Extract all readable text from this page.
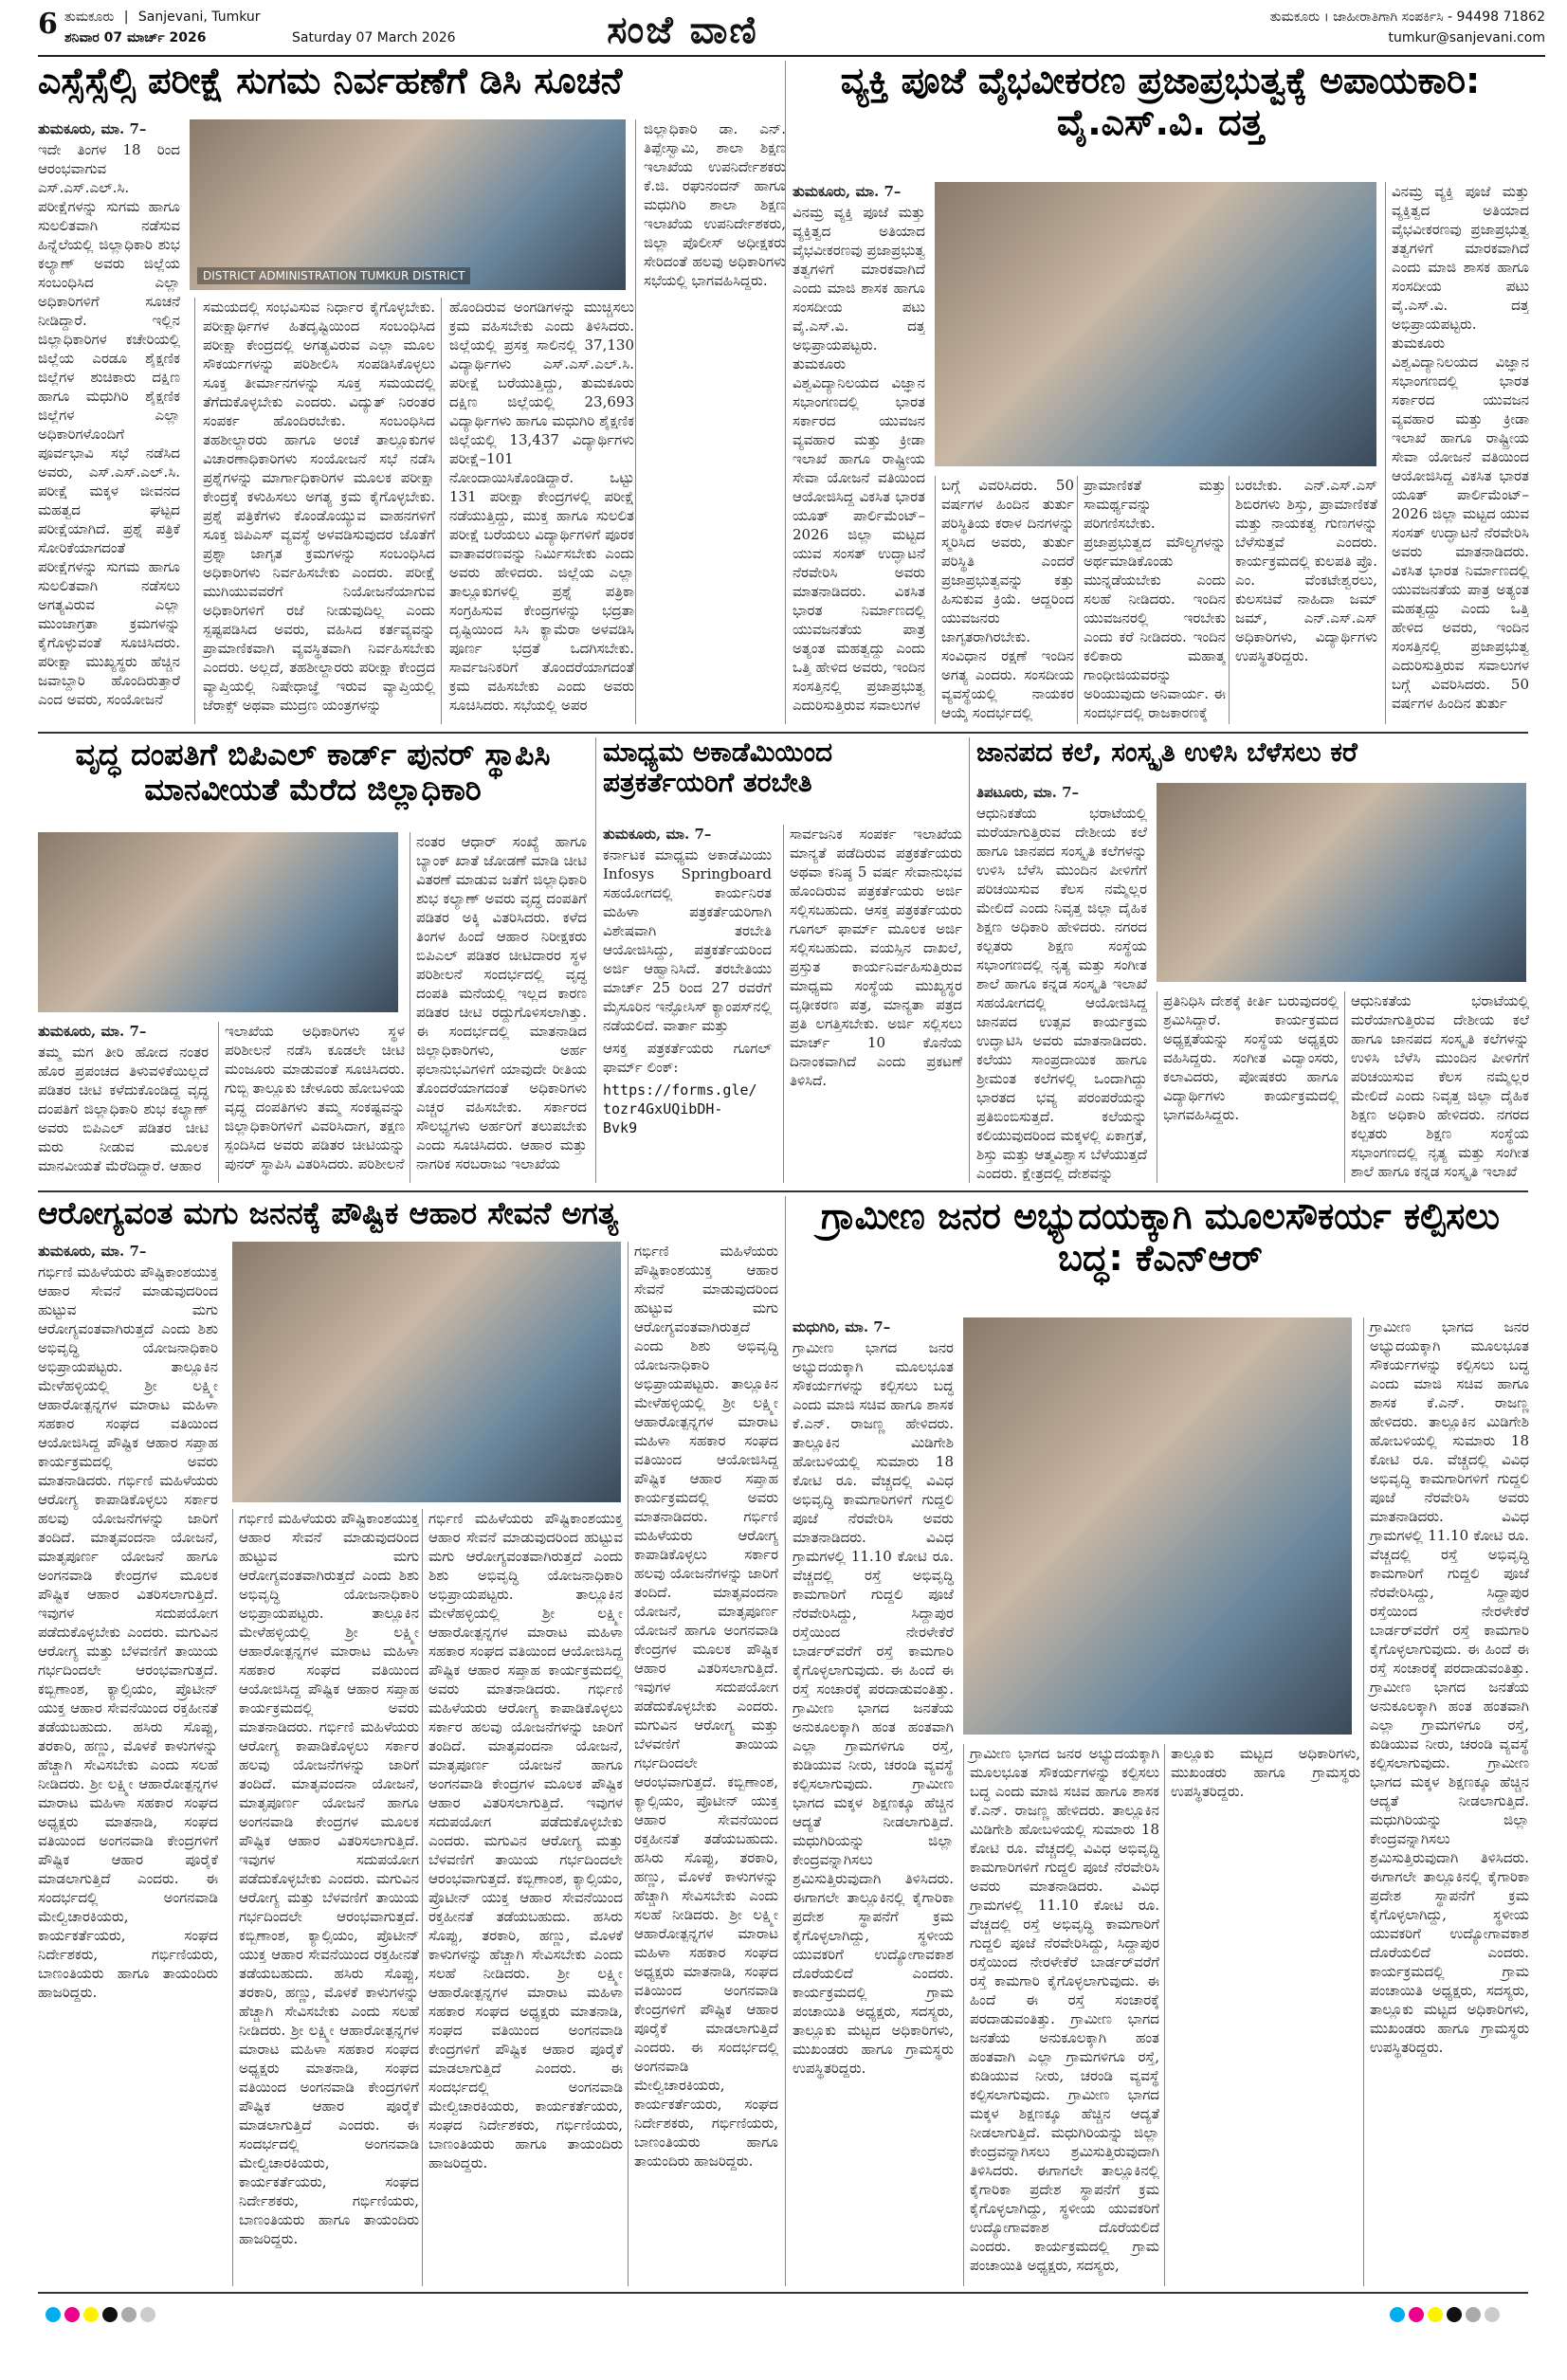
6 ತುಮಕೂರು | Sanjevani, Tumkur
ಶನಿವಾರ 07 ಮಾರ್ಚ್ 2026	Saturday 07 March 2026	ಸಂಜೆ ವಾಣಿ	ತುಮಕೂರು । ಜಾಹೀರಾತಿಗಾಗಿ ಸಂಪರ್ಕಿಸಿ - 94498 71862
tumkur@sanjevani.com
ಎಸ್ಸೆಸ್ಸೆಲ್ಸಿ ಪರೀಕ್ಷೆ ಸುಗಮ ನಿರ್ವಹಣೆಗೆ ಡಿಸಿ ಸೂಚನೆ
DISTRICT ADMINISTRATION TUMKUR DISTRICT
ತುಮಕೂರು, ಮಾ. 7–
ಇದೇ ತಿಂಗಳ 18 ರಿಂದ ಆರಂಭವಾಗುವ ಎಸ್.ಎಸ್.ಎಲ್.ಸಿ. ಪರೀಕ್ಷೆಗಳನ್ನು ಸುಗಮ ಹಾಗೂ ಸುಲಲಿತವಾಗಿ ನಡೆಸುವ ಹಿನ್ನೆಲೆಯಲ್ಲಿ ಜಿಲ್ಲಾಧಿಕಾರಿ ಶುಭ ಕಲ್ಯಾಣ್ ಅವರು ಜಿಲ್ಲೆಯ ಸಂಬಂಧಿಸಿದ ಎಲ್ಲಾ ಅಧಿಕಾರಿಗಳಿಗೆ ಸೂಚನೆ ನೀಡಿದ್ದಾರೆ. ಇಲ್ಲಿನ ಜಿಲ್ಲಾಧಿಕಾರಿಗಳ ಕಚೇರಿಯಲ್ಲಿ ಜಿಲ್ಲೆಯ ಎರಡೂ ಶೈಕ್ಷಣಿಕ ಜಿಲ್ಲೆಗಳ ಶುಚಿಕಾರು ದಕ್ಷಿಣ ಹಾಗೂ ಮಧುಗಿರಿ ಶೈಕ್ಷಣಿಕ ಜಿಲ್ಲೆಗಳ ಎಲ್ಲಾ ಅಧಿಕಾರಿಗಳೊಂದಿಗೆ ಪೂರ್ವಭಾವಿ ಸಭೆ ನಡೆಸಿದ ಅವರು, ಎಸ್.ಎಸ್.ಎಲ್.ಸಿ. ಪರೀಕ್ಷೆ ಮಕ್ಕಳ ಜೀವನದ ಮಹತ್ವದ ಘಟ್ಟದ ಪರೀಕ್ಷೆಯಾಗಿದೆ. ಪ್ರಶ್ನೆ ಪತ್ರಿಕೆ ಸೋರಿಕೆಯಾಗದಂತೆ ಪರೀಕ್ಷೆಗಳನ್ನು ಸುಗಮ ಹಾಗೂ ಸುಲಲಿತವಾಗಿ ನಡೆಸಲು ಅಗತ್ಯವಿರುವ ಎಲ್ಲಾ ಮುಂಜಾಗ್ರತಾ ಕ್ರಮಗಳನ್ನು ಕೈಗೊಳ್ಳುವಂತೆ ಸೂಚಿಸಿದರು. ಪರೀಕ್ಷಾ ಮುಖ್ಯಸ್ಥರು ಹೆಚ್ಚಿನ ಜವಾಬ್ದಾರಿ ಹೊಂದಿರುತ್ತಾರೆ ಎಂದ ಅವರು, ಸಂಯೋಜನೆ
ಸಮಯದಲ್ಲಿ ಸಂಭವಿಸುವ ನಿರ್ಧಾರ ಕೈಗೊಳ್ಳಬೇಕು. ಪರೀಕ್ಷಾರ್ಥಿಗಳ ಹಿತದೃಷ್ಟಿಯಿಂದ ಸಂಬಂಧಿಸಿದ ಪರೀಕ್ಷಾ ಕೇಂದ್ರದಲ್ಲಿ ಅಗತ್ಯವಿರುವ ಎಲ್ಲಾ ಮೂಲ ಸೌಕರ್ಯಗಳನ್ನು ಪರಿಶೀಲಿಸಿ ಸಂಪಡಿಸಿಕೊಳ್ಳಲು ಸೂಕ್ತ ತೀರ್ಮಾನಗಳನ್ನು ಸೂಕ್ತ ಸಮಯದಲ್ಲಿ ತೆಗೆದುಕೊಳ್ಳಬೇಕು ಎಂದರು. ವಿದ್ಯುತ್ ನಿರಂತರ ಸಂಪರ್ಕ ಹೊಂದಿರಬೇಕು. ಸಂಬಂಧಿಸಿದ ತಹಶೀಲ್ದಾರರು ಹಾಗೂ ಅಂಚೆ ತಾಲ್ಲೂಕುಗಳ ವಿಚಾರಣಾಧಿಕಾರಿಗಳು ಸಂಯೋಜನೆ ಸಭೆ ನಡೆಸಿ ಪ್ರಶ್ನೆಗಳನ್ನು ಮಾರ್ಗಾಧಿಕಾರಿಗಳ ಮೂಲಕ ಪರೀಕ್ಷಾ ಕೇಂದ್ರಕ್ಕೆ ಕಳುಹಿಸಲು ಅಗತ್ಯ ಕ್ರಮ ಕೈಗೊಳ್ಳಬೇಕು. ಪ್ರಶ್ನೆ ಪತ್ರಿಕೆಗಳು ಕೊಂಡೊಯ್ಯುವ ವಾಹನಗಳಿಗೆ ಸೂಕ್ತ ಜಿಪಿಎಸ್ ವ್ಯವಸ್ಥೆ ಅಳವಡಿಸುವುದರ ಜೊತೆಗೆ ಪ್ರಶ್ನಾ ಜಾಗೃತ ಕ್ರಮಗಳನ್ನು ಸಂಬಂಧಿಸಿದ ಅಧಿಕಾರಿಗಳು ನಿರ್ವಹಿಸಬೇಕು ಎಂದರು. ಪರೀಕ್ಷೆ ಮುಗಿಯುವವರೆಗೆ ನಿಯೋಜನೆಯಾಗುವ ಅಧಿಕಾರಿಗಳಿಗೆ ರಜೆ ನೀಡುವುದಿಲ್ಲ ಎಂದು ಸ್ಪಷ್ಟಪಡಿಸಿದ ಅವರು, ವಹಿಸಿದ ಕರ್ತವ್ಯವನ್ನು ಪ್ರಾಮಾಣಿಕವಾಗಿ ವ್ಯವಸ್ಥಿತವಾಗಿ ನಿರ್ವಹಿಸಬೇಕು ಎಂದರು. ಅಲ್ಲದೆ, ತಹಶೀಲ್ದಾರರು ಪರೀಕ್ಷಾ ಕೇಂದ್ರದ ವ್ಯಾಪ್ತಿಯಲ್ಲಿ ನಿಷೇಧಾಜ್ಞೆ ಇರುವ ವ್ಯಾಪ್ತಿಯಲ್ಲಿ ಜೆರಾಕ್ಸ್ ಅಥವಾ ಮುದ್ರಣ ಯಂತ್ರಗಳನ್ನು
ಹೊಂದಿರುವ ಅಂಗಡಿಗಳನ್ನು ಮುಚ್ಚಿಸಲು ಕ್ರಮ ವಹಿಸಬೇಕು ಎಂದು ತಿಳಿಸಿದರು. ಜಿಲ್ಲೆಯಲ್ಲಿ ಪ್ರಸಕ್ತ ಸಾಲಿನಲ್ಲಿ 37,130 ವಿದ್ಯಾರ್ಥಿಗಳು ಎಸ್.ಎಸ್.ಎಲ್.ಸಿ. ಪರೀಕ್ಷೆ ಬರೆಯುತ್ತಿದ್ದು, ತುಮಕೂರು ದಕ್ಷಿಣ ಜಿಲ್ಲೆಯಲ್ಲಿ 23,693 ವಿದ್ಯಾರ್ಥಿಗಳು ಹಾಗೂ ಮಧುಗಿರಿ ಶೈಕ್ಷಣಿಕ ಜಿಲ್ಲೆಯಲ್ಲಿ 13,437 ವಿದ್ಯಾರ್ಥಿಗಳು ಪರೀಕ್ಷೆ–101 ನೋಂದಾಯಿಸಿಕೊಂಡಿದ್ದಾರೆ. ಒಟ್ಟು 131 ಪರೀಕ್ಷಾ ಕೇಂದ್ರಗಳಲ್ಲಿ ಪರೀಕ್ಷೆ ನಡೆಯುತ್ತಿದ್ದು, ಮುಕ್ತ ಹಾಗೂ ಸುಲಲಿತ ಪರೀಕ್ಷೆ ಬರೆಯಲು ವಿದ್ಯಾರ್ಥಿಗಳಿಗೆ ಪೂರಕ ವಾತಾವರಣವನ್ನು ನಿರ್ಮಿಸಬೇಕು ಎಂದು ಅವರು ಹೇಳಿದರು. ಜಿಲ್ಲೆಯ ಎಲ್ಲಾ ತಾಲ್ಲೂಕುಗಳಲ್ಲಿ ಪ್ರಶ್ನೆ ಪತ್ರಿಕಾ ಸಂಗ್ರಹಿಸುವ ಕೇಂದ್ರಗಳನ್ನು ಭದ್ರತಾ ದೃಷ್ಟಿಯಿಂದ ಸಿಸಿ ಕ್ಯಾಮೆರಾ ಅಳವಡಿಸಿ ಪೂರ್ಣ ಭದ್ರತೆ ಒದಗಿಸಬೇಕು. ಸಾರ್ವಜನಿಕರಿಗೆ ತೊಂದರೆಯಾಗದಂತೆ ಕ್ರಮ ವಹಿಸಬೇಕು ಎಂದು ಅವರು ಸೂಚಿಸಿದರು. ಸಭೆಯಲ್ಲಿ ಅಪರ
ಜಿಲ್ಲಾಧಿಕಾರಿ ಡಾ. ಎನ್. ತಿಪ್ಪೇಸ್ವಾಮಿ, ಶಾಲಾ ಶಿಕ್ಷಣ ಇಲಾಖೆಯ ಉಪನಿರ್ದೇಶಕರು ಕೆ.ಜಿ. ರಘುನಂದನ್ ಹಾಗೂ ಮಧುಗಿರಿ ಶಾಲಾ ಶಿಕ್ಷಣ ಇಲಾಖೆಯ ಉಪನಿರ್ದೇಶಕರು, ಜಿಲ್ಲಾ ಪೊಲೀಸ್ ಅಧೀಕ್ಷಕರು ಸೇರಿದಂತೆ ಹಲವು ಅಧಿಕಾರಿಗಳು ಸಭೆಯಲ್ಲಿ ಭಾಗವಹಿಸಿದ್ದರು.
ವ್ಯಕ್ತಿ ಪೂಜೆ ವೈಭವೀಕರಣ ಪ್ರಜಾಪ್ರಭುತ್ವಕ್ಕೆ ಅಪಾಯಕಾರಿ: ವೈ.ಎಸ್.ವಿ. ದತ್ತ
ತುಮಕೂರು, ಮಾ. 7–
ವಿನಮ್ರ ವ್ಯಕ್ತಿ ಪೂಜೆ ಮತ್ತು ವ್ಯಕ್ತಿತ್ವದ ಅತಿಯಾದ ವೈಭವೀಕರಣವು ಪ್ರಜಾಪ್ರಭುತ್ವ ತತ್ವಗಳಿಗೆ ಮಾರಕವಾಗಿದೆ ಎಂದು ಮಾಜಿ ಶಾಸಕ ಹಾಗೂ ಸಂಸದೀಯ ಪಟು ವೈ.ಎಸ್.ವಿ. ದತ್ತ ಅಭಿಪ್ರಾಯಪಟ್ಟರು. ತುಮಕೂರು ವಿಶ್ವವಿದ್ಯಾನಿಲಯದ ವಿಜ್ಞಾನ ಸಭಾಂಗಣದಲ್ಲಿ ಭಾರತ ಸರ್ಕಾರದ ಯುವಜನ ವ್ಯವಹಾರ ಮತ್ತು ಕ್ರೀಡಾ ಇಲಾಖೆ ಹಾಗೂ ರಾಷ್ಟ್ರೀಯ ಸೇವಾ ಯೋಜನೆ ವತಿಯಿಂದ ಆಯೋಜಿಸಿದ್ದ ವಿಕಸಿತ ಭಾರತ ಯೂತ್ ಪಾರ್ಲಿಮೆಂಟ್–2026 ಜಿಲ್ಲಾ ಮಟ್ಟದ ಯುವ ಸಂಸತ್ ಉದ್ಘಾಟನೆ ನೆರವೇರಿಸಿ ಅವರು ಮಾತನಾಡಿದರು. ವಿಕಸಿತ ಭಾರತ ನಿರ್ಮಾಣದಲ್ಲಿ ಯುವಜನತೆಯ ಪಾತ್ರ ಅತ್ಯಂತ ಮಹತ್ವದ್ದು ಎಂದು ಒತ್ತಿ ಹೇಳಿದ ಅವರು, ಇಂದಿನ ಸಂಸತ್ತಿನಲ್ಲಿ ಪ್ರಜಾಪ್ರಭುತ್ವ ಎದುರಿಸುತ್ತಿರುವ ಸವಾಲುಗಳ
ಬಗ್ಗೆ ವಿವರಿಸಿದರು. 50 ವರ್ಷಗಳ ಹಿಂದಿನ ತುರ್ತು ಪರಿಸ್ಥಿತಿಯ ಕರಾಳ ದಿನಗಳನ್ನು ಸ್ಮರಿಸಿದ ಅವರು, ತುರ್ತು ಪರಿಸ್ಥಿತಿ ಎಂದರೆ ಪ್ರಜಾಪ್ರಭುತ್ವವನ್ನು ಕತ್ತು ಹಿಸುಕುವ ಕ್ರಿಯೆ. ಆದ್ದರಿಂದ ಯುವಜನರು ಜಾಗೃತರಾಗಿರಬೇಕು. ಸಂವಿಧಾನ ರಕ್ಷಣೆ ಇಂದಿನ ಅಗತ್ಯ ಎಂದರು. ಸಂಸದೀಯ ವ್ಯವಸ್ಥೆಯಲ್ಲಿ ನಾಯಕರ ಆಯ್ಕೆ ಸಂದರ್ಭದಲ್ಲಿ
ಪ್ರಾಮಾಣಿಕತೆ ಮತ್ತು ಸಾಮರ್ಥ್ಯವನ್ನು ಪರಿಗಣಿಸಬೇಕು. ಪ್ರಜಾಪ್ರಭುತ್ವದ ಮೌಲ್ಯಗಳನ್ನು ಅರ್ಥಮಾಡಿಕೊಂಡು ಮುನ್ನಡೆಯಬೇಕು ಎಂದು ಸಲಹೆ ನೀಡಿದರು. ಇಂದಿನ ಯುವಜನರಲ್ಲಿ ಇರಬೇಕು ಎಂದು ಕರೆ ನೀಡಿದರು. ಇಂದಿನ ಕಲಿಕಾರು ಮಹಾತ್ಮ ಗಾಂಧೀಜಿಯವರನ್ನು ಅರಿಯುವುದು ಅನಿವಾರ್ಯ. ಈ ಸಂದರ್ಭದಲ್ಲಿ ರಾಜಕಾರಣಕ್ಕೆ
ಬರಬೇಕು. ಎನ್.ಎಸ್.ಎಸ್ ಶಿಬಿರಗಳು ಶಿಸ್ತು, ಪ್ರಾಮಾಣಿಕತೆ ಮತ್ತು ನಾಯಕತ್ವ ಗುಣಗಳನ್ನು ಬೆಳೆಸುತ್ತವೆ ಎಂದರು. ಕಾರ್ಯಕ್ರಮದಲ್ಲಿ ಕುಲಪತಿ ಪ್ರೊ. ಎಂ. ವೆಂಕಟೇಶ್ವರಲು, ಕುಲಸಚಿವೆ ನಾಹಿದಾ ಜಮ್‌ ಜಮ್‌, ಎನ್.ಎಸ್.ಎಸ್ ಅಧಿಕಾರಿಗಳು, ವಿದ್ಯಾರ್ಥಿಗಳು ಉಪಸ್ಥಿತರಿದ್ದರು.
ವಿನಮ್ರ ವ್ಯಕ್ತಿ ಪೂಜೆ ಮತ್ತು ವ್ಯಕ್ತಿತ್ವದ ಅತಿಯಾದ ವೈಭವೀಕರಣವು ಪ್ರಜಾಪ್ರಭುತ್ವ ತತ್ವಗಳಿಗೆ ಮಾರಕವಾಗಿದೆ ಎಂದು ಮಾಜಿ ಶಾಸಕ ಹಾಗೂ ಸಂಸದೀಯ ಪಟು ವೈ.ಎಸ್.ವಿ. ದತ್ತ ಅಭಿಪ್ರಾಯಪಟ್ಟರು. ತುಮಕೂರು ವಿಶ್ವವಿದ್ಯಾನಿಲಯದ ವಿಜ್ಞಾನ ಸಭಾಂಗಣದಲ್ಲಿ ಭಾರತ ಸರ್ಕಾರದ ಯುವಜನ ವ್ಯವಹಾರ ಮತ್ತು ಕ್ರೀಡಾ ಇಲಾಖೆ ಹಾಗೂ ರಾಷ್ಟ್ರೀಯ ಸೇವಾ ಯೋಜನೆ ವತಿಯಿಂದ ಆಯೋಜಿಸಿದ್ದ ವಿಕಸಿತ ಭಾರತ ಯೂತ್ ಪಾರ್ಲಿಮೆಂಟ್–2026 ಜಿಲ್ಲಾ ಮಟ್ಟದ ಯುವ ಸಂಸತ್ ಉದ್ಘಾಟನೆ ನೆರವೇರಿಸಿ ಅವರು ಮಾತನಾಡಿದರು. ವಿಕಸಿತ ಭಾರತ ನಿರ್ಮಾಣದಲ್ಲಿ ಯುವಜನತೆಯ ಪಾತ್ರ ಅತ್ಯಂತ ಮಹತ್ವದ್ದು ಎಂದು ಒತ್ತಿ ಹೇಳಿದ ಅವರು, ಇಂದಿನ ಸಂಸತ್ತಿನಲ್ಲಿ ಪ್ರಜಾಪ್ರಭುತ್ವ ಎದುರಿಸುತ್ತಿರುವ ಸವಾಲುಗಳ ಬಗ್ಗೆ ವಿವರಿಸಿದರು. 50 ವರ್ಷಗಳ ಹಿಂದಿನ ತುರ್ತು
ವೃದ್ಧ ದಂಪತಿಗೆ ಬಿಪಿಎಲ್ ಕಾರ್ಡ್ ಪುನರ್ ಸ್ಥಾಪಿಸಿ ಮಾನವೀಯತೆ ಮೆರೆದ ಜಿಲ್ಲಾಧಿಕಾರಿ
ತುಮಕೂರು, ಮಾ. 7–
ತಮ್ಮ ಮಗ ತೀರಿ ಹೋದ ನಂತರ ಹೊರ ಪ್ರಪಂಚದ ತಿಳುವಳಿಕೆಯಿಲ್ಲದೆ ಪಡಿತರ ಚೀಟಿ ಕಳೆದುಕೊಂಡಿದ್ದ ವೃದ್ಧ ದಂಪತಿಗೆ ಜಿಲ್ಲಾಧಿಕಾರಿ ಶುಭ ಕಲ್ಯಾಣ್ ಅವರು ಬಿಪಿಎಲ್ ಪಡಿತರ ಚೀಟಿ ಮರು ನೀಡುವ ಮೂಲಕ ಮಾನವೀಯತೆ ಮೆರೆದಿದ್ದಾರೆ. ಆಹಾರ
ಇಲಾಖೆಯ ಅಧಿಕಾರಿಗಳು ಸ್ಥಳ ಪರಿಶೀಲನೆ ನಡೆಸಿ ಕೂಡಲೇ ಚೀಟಿ ಮಂಜೂರು ಮಾಡುವಂತೆ ಸೂಚಿಸಿದರು. ಗುಬ್ಬಿ ತಾಲ್ಲೂಕು ಚೇಳೂರು ಹೋಬಳಿಯ ವೃದ್ಧ ದಂಪತಿಗಳು ತಮ್ಮ ಸಂಕಷ್ಟವನ್ನು ಜಿಲ್ಲಾಧಿಕಾರಿಗಳಿಗೆ ವಿವರಿಸಿದಾಗ, ತಕ್ಷಣ ಸ್ಪಂದಿಸಿದ ಅವರು ಪಡಿತರ ಚೀಟಿಯನ್ನು ಪುನರ್ ಸ್ಥಾಪಿಸಿ ವಿತರಿಸಿದರು. ಪರಿಶೀಲನೆ
ನಂತರ ಆಧಾರ್ ಸಂಖ್ಯೆ ಹಾಗೂ ಬ್ಯಾಂಕ್ ಖಾತೆ ಜೋಡಣೆ ಮಾಡಿ ಚೀಟಿ ವಿತರಣೆ ಮಾಡುವ ಜತೆಗೆ ಜಿಲ್ಲಾಧಿಕಾರಿ ಶುಭ ಕಲ್ಯಾಣ್ ಅವರು ವೃದ್ಧ ದಂಪತಿಗೆ ಪಡಿತರ ಅಕ್ಕಿ ವಿತರಿಸಿದರು. ಕಳೆದ ತಿಂಗಳ ಹಿಂದೆ ಆಹಾರ ನಿರೀಕ್ಷಕರು ಬಿಪಿಎಲ್ ಪಡಿತರ ಚೀಟಿದಾರರ ಸ್ಥಳ ಪರಿಶೀಲನೆ ಸಂದರ್ಭದಲ್ಲಿ ವೃದ್ಧ ದಂಪತಿ ಮನೆಯಲ್ಲಿ ಇಲ್ಲದ ಕಾರಣ ಪಡಿತರ ಚೀಟಿ ರದ್ದುಗೊಳಿಸಲಾಗಿತ್ತು. ಈ ಸಂದರ್ಭದಲ್ಲಿ ಮಾತನಾಡಿದ ಜಿಲ್ಲಾಧಿಕಾರಿಗಳು, ಅರ್ಹ ಫಲಾನುಭವಿಗಳಿಗೆ ಯಾವುದೇ ರೀತಿಯ ತೊಂದರೆಯಾಗದಂತೆ ಅಧಿಕಾರಿಗಳು ಎಚ್ಚರ ವಹಿಸಬೇಕು. ಸರ್ಕಾರದ ಸೌಲಭ್ಯಗಳು ಅರ್ಹರಿಗೆ ತಲುಪಬೇಕು ಎಂದು ಸೂಚಿಸಿದರು. ಆಹಾರ ಮತ್ತು ನಾಗರಿಕ ಸರಬರಾಜು ಇಲಾಖೆಯ
ಮಾಧ್ಯಮ ಅಕಾಡೆಮಿಯಿಂದ ಪತ್ರಕರ್ತೆಯರಿಗೆ ತರಬೇತಿ
ತುಮಕೂರು, ಮಾ. 7–
ಕರ್ನಾಟಕ ಮಾಧ್ಯಮ ಅಕಾಡೆಮಿಯು Infosys Springboard ಸಹಯೋಗದಲ್ಲಿ ಕಾರ್ಯನಿರತ ಮಹಿಳಾ ಪತ್ರಕರ್ತೆಯರಿಗಾಗಿ ವಿಶೇಷವಾಗಿ ತರಬೇತಿ ಆಯೋಜಿಸಿದ್ದು, ಪತ್ರಕರ್ತೆಯರಿಂದ ಅರ್ಜಿ ಆಹ್ವಾನಿಸಿದೆ. ತರಬೇತಿಯು ಮಾರ್ಚ್ 25 ರಿಂದ 27 ರವರೆಗೆ ಮೈಸೂರಿನ ಇನ್ಫೋಸಿಸ್ ಕ್ಯಾಂಪಸ್‌ನಲ್ಲಿ ನಡೆಯಲಿದೆ. ವಾರ್ತಾ ಮತ್ತು
ಆಸಕ್ತ ಪತ್ರಕರ್ತೆಯರು ಗೂಗಲ್ ಫಾರ್ಮ್ ಲಿಂಕ್:
https://forms.gle/
tozr4GxUQibDH-
Bvk9
ಸಾರ್ವಜನಿಕ ಸಂಪರ್ಕ ಇಲಾಖೆಯ ಮಾನ್ಯತೆ ಪಡೆದಿರುವ ಪತ್ರಕರ್ತೆಯರು ಅಥವಾ ಕನಿಷ್ಠ 5 ವರ್ಷ ಸೇವಾನುಭವ ಹೊಂದಿರುವ ಪತ್ರಕರ್ತೆಯರು ಅರ್ಜಿ ಸಲ್ಲಿಸಬಹುದು. ಆಸಕ್ತ ಪತ್ರಕರ್ತೆಯರು ಗೂಗಲ್ ಫಾರ್ಮ್ ಮೂಲಕ ಅರ್ಜಿ ಸಲ್ಲಿಸಬಹುದು. ವಯಸ್ಸಿನ ದಾಖಲೆ, ಪ್ರಸ್ತುತ ಕಾರ್ಯನಿರ್ವಹಿಸುತ್ತಿರುವ ಮಾಧ್ಯಮ ಸಂಸ್ಥೆಯ ಮುಖ್ಯಸ್ಥರ ದೃಢೀಕರಣ ಪತ್ರ, ಮಾನ್ಯತಾ ಪತ್ರದ ಪ್ರತಿ ಲಗತ್ತಿಸಬೇಕು. ಅರ್ಜಿ ಸಲ್ಲಿಸಲು ಮಾರ್ಚ್ 10 ಕೊನೆಯ ದಿನಾಂಕವಾಗಿದೆ ಎಂದು ಪ್ರಕಟಣೆ ತಿಳಿಸಿದೆ.
ಜಾನಪದ ಕಲೆ, ಸಂಸ್ಕೃತಿ ಉಳಿಸಿ ಬೆಳೆಸಲು ಕರೆ
ತಿಪಟೂರು, ಮಾ. 7–
ಆಧುನಿಕತೆಯ ಭರಾಟೆಯಲ್ಲಿ ಮರೆಯಾಗುತ್ತಿರುವ ದೇಶೀಯ ಕಲೆ ಹಾಗೂ ಜಾನಪದ ಸಂಸ್ಕೃತಿ ಕಲೆಗಳನ್ನು ಉಳಿಸಿ ಬೆಳೆಸಿ ಮುಂದಿನ ಪೀಳಿಗೆಗೆ ಪರಿಚಯಿಸುವ ಕೆಲಸ ನಮ್ಮೆಲ್ಲರ ಮೇಲಿದೆ ಎಂದು ನಿವೃತ್ತ ಜಿಲ್ಲಾ ದೈಹಿಕ ಶಿಕ್ಷಣ ಅಧಿಕಾರಿ ಹೇಳಿದರು. ನಗರದ ಕಲ್ಪತರು ಶಿಕ್ಷಣ ಸಂಸ್ಥೆಯ ಸಭಾಂಗಣದಲ್ಲಿ ನೃತ್ಯ ಮತ್ತು ಸಂಗೀತ ಶಾಲೆ ಹಾಗೂ ಕನ್ನಡ ಸಂಸ್ಕೃತಿ ಇಲಾಖೆ ಸಹಯೋಗದಲ್ಲಿ ಆಯೋಜಿಸಿದ್ದ ಜಾನಪದ ಉತ್ಸವ ಕಾರ್ಯಕ್ರಮ ಉದ್ಘಾಟಿಸಿ ಅವರು ಮಾತನಾಡಿದರು. ಕಲೆಯು ಸಾಂಪ್ರದಾಯಿಕ ಹಾಗೂ ಶ್ರೀಮಂತ ಕಲೆಗಳಲ್ಲಿ ಒಂದಾಗಿದ್ದು ಭಾರತದ ಭವ್ಯ ಪರಂಪರೆಯನ್ನು ಪ್ರತಿಬಿಂಬಿಸುತ್ತದೆ. ಕಲೆಯನ್ನು ಕಲಿಯುವುದರಿಂದ ಮಕ್ಕಳಲ್ಲಿ ಏಕಾಗ್ರತೆ, ಶಿಸ್ತು ಮತ್ತು ಆತ್ಮವಿಶ್ವಾಸ ಬೆಳೆಯುತ್ತದೆ ಎಂದರು. ಕ್ಷೇತ್ರದಲ್ಲಿ ದೇಶವನ್ನು
ಪ್ರತಿನಿಧಿಸಿ ದೇಶಕ್ಕೆ ಕೀರ್ತಿ ಬರುವುದರಲ್ಲಿ ಶ್ರಮಿಸಿದ್ದಾರೆ. ಕಾರ್ಯಕ್ರಮದ ಅಧ್ಯಕ್ಷತೆಯನ್ನು ಸಂಸ್ಥೆಯ ಅಧ್ಯಕ್ಷರು ವಹಿಸಿದ್ದರು. ಸಂಗೀತ ವಿದ್ವಾಂಸರು, ಕಲಾವಿದರು, ಪೋಷಕರು ಹಾಗೂ ವಿದ್ಯಾರ್ಥಿಗಳು ಕಾರ್ಯಕ್ರಮದಲ್ಲಿ ಭಾಗವಹಿಸಿದ್ದರು.
ಆಧುನಿಕತೆಯ ಭರಾಟೆಯಲ್ಲಿ ಮರೆಯಾಗುತ್ತಿರುವ ದೇಶೀಯ ಕಲೆ ಹಾಗೂ ಜಾನಪದ ಸಂಸ್ಕೃತಿ ಕಲೆಗಳನ್ನು ಉಳಿಸಿ ಬೆಳೆಸಿ ಮುಂದಿನ ಪೀಳಿಗೆಗೆ ಪರಿಚಯಿಸುವ ಕೆಲಸ ನಮ್ಮೆಲ್ಲರ ಮೇಲಿದೆ ಎಂದು ನಿವೃತ್ತ ಜಿಲ್ಲಾ ದೈಹಿಕ ಶಿಕ್ಷಣ ಅಧಿಕಾರಿ ಹೇಳಿದರು. ನಗರದ ಕಲ್ಪತರು ಶಿಕ್ಷಣ ಸಂಸ್ಥೆಯ ಸಭಾಂಗಣದಲ್ಲಿ ನೃತ್ಯ ಮತ್ತು ಸಂಗೀತ ಶಾಲೆ ಹಾಗೂ ಕನ್ನಡ ಸಂಸ್ಕೃತಿ ಇಲಾಖೆ
ಆರೋಗ್ಯವಂತ ಮಗು ಜನನಕ್ಕೆ ಪೌಷ್ಟಿಕ ಆಹಾರ ಸೇವನೆ ಅಗತ್ಯ
ತುಮಕೂರು, ಮಾ. 7–
ಗರ್ಭಿಣಿ ಮಹಿಳೆಯರು ಪೌಷ್ಟಿಕಾಂಶಯುಕ್ತ ಆಹಾರ ಸೇವನೆ ಮಾಡುವುದರಿಂದ ಹುಟ್ಟುವ ಮಗು ಆರೋಗ್ಯವಂತವಾಗಿರುತ್ತದೆ ಎಂದು ಶಿಶು ಅಭಿವೃದ್ಧಿ ಯೋಜನಾಧಿಕಾರಿ ಅಭಿಪ್ರಾಯಪಟ್ಟರು. ತಾಲ್ಲೂಕಿನ ಮೇಳೆಹಳ್ಳಿಯಲ್ಲಿ ಶ್ರೀ ಲಕ್ಷ್ಮೀ ಆಹಾರೋತ್ಪನ್ನಗಳ ಮಾರಾಟ ಮಹಿಳಾ ಸಹಕಾರ ಸಂಘದ ವತಿಯಿಂದ ಆಯೋಜಿಸಿದ್ದ ಪೌಷ್ಟಿಕ ಆಹಾರ ಸಪ್ತಾಹ ಕಾರ್ಯಕ್ರಮದಲ್ಲಿ ಅವರು ಮಾತನಾಡಿದರು. ಗರ್ಭಿಣಿ ಮಹಿಳೆಯರು ಆರೋಗ್ಯ ಕಾಪಾಡಿಕೊಳ್ಳಲು ಸರ್ಕಾರ ಹಲವು ಯೋಜನೆಗಳನ್ನು ಜಾರಿಗೆ ತಂದಿದೆ. ಮಾತೃವಂದನಾ ಯೋಜನೆ, ಮಾತೃಪೂರ್ಣ ಯೋಜನೆ ಹಾಗೂ ಅಂಗನವಾಡಿ ಕೇಂದ್ರಗಳ ಮೂಲಕ ಪೌಷ್ಟಿಕ ಆಹಾರ ವಿತರಿಸಲಾಗುತ್ತಿದೆ. ಇವುಗಳ ಸದುಪಯೋಗ ಪಡೆದುಕೊಳ್ಳಬೇಕು ಎಂದರು. ಮಗುವಿನ ಆರೋಗ್ಯ ಮತ್ತು ಬೆಳವಣಿಗೆ ತಾಯಿಯ ಗರ್ಭದಿಂದಲೇ ಆರಂಭವಾಗುತ್ತದೆ. ಕಬ್ಬಿಣಾಂಶ, ಕ್ಯಾಲ್ಸಿಯಂ, ಪ್ರೊಟೀನ್ ಯುಕ್ತ ಆಹಾರ ಸೇವನೆಯಿಂದ ರಕ್ತಹೀನತೆ ತಡೆಯಬಹುದು. ಹಸಿರು ಸೊಪ್ಪು, ತರಕಾರಿ, ಹಣ್ಣು, ಮೊಳಕೆ ಕಾಳುಗಳನ್ನು ಹೆಚ್ಚಾಗಿ ಸೇವಿಸಬೇಕು ಎಂದು ಸಲಹೆ ನೀಡಿದರು. ಶ್ರೀ ಲಕ್ಷ್ಮೀ ಆಹಾರೋತ್ಪನ್ನಗಳ ಮಾರಾಟ ಮಹಿಳಾ ಸಹಕಾರ ಸಂಘದ ಅಧ್ಯಕ್ಷರು ಮಾತನಾಡಿ, ಸಂಘದ ವತಿಯಿಂದ ಅಂಗನವಾಡಿ ಕೇಂದ್ರಗಳಿಗೆ ಪೌಷ್ಟಿಕ ಆಹಾರ ಪೂರೈಕೆ ಮಾಡಲಾಗುತ್ತಿದೆ ಎಂದರು. ಈ ಸಂದರ್ಭದಲ್ಲಿ ಅಂಗನವಾಡಿ ಮೇಲ್ವಿಚಾರಕಿಯರು, ಕಾರ್ಯಕರ್ತೆಯರು, ಸಂಘದ ನಿರ್ದೇಶಕರು, ಗರ್ಭಿಣಿಯರು, ಬಾಣಂತಿಯರು ಹಾಗೂ ತಾಯಂದಿರು ಹಾಜರಿದ್ದರು.
ಗರ್ಭಿಣಿ ಮಹಿಳೆಯರು ಪೌಷ್ಟಿಕಾಂಶಯುಕ್ತ ಆಹಾರ ಸೇವನೆ ಮಾಡುವುದರಿಂದ ಹುಟ್ಟುವ ಮಗು ಆರೋಗ್ಯವಂತವಾಗಿರುತ್ತದೆ ಎಂದು ಶಿಶು ಅಭಿವೃದ್ಧಿ ಯೋಜನಾಧಿಕಾರಿ ಅಭಿಪ್ರಾಯಪಟ್ಟರು. ತಾಲ್ಲೂಕಿನ ಮೇಳೆಹಳ್ಳಿಯಲ್ಲಿ ಶ್ರೀ ಲಕ್ಷ್ಮೀ ಆಹಾರೋತ್ಪನ್ನಗಳ ಮಾರಾಟ ಮಹಿಳಾ ಸಹಕಾರ ಸಂಘದ ವತಿಯಿಂದ ಆಯೋಜಿಸಿದ್ದ ಪೌಷ್ಟಿಕ ಆಹಾರ ಸಪ್ತಾಹ ಕಾರ್ಯಕ್ರಮದಲ್ಲಿ ಅವರು ಮಾತನಾಡಿದರು. ಗರ್ಭಿಣಿ ಮಹಿಳೆಯರು ಆರೋಗ್ಯ ಕಾಪಾಡಿಕೊಳ್ಳಲು ಸರ್ಕಾರ ಹಲವು ಯೋಜನೆಗಳನ್ನು ಜಾರಿಗೆ ತಂದಿದೆ. ಮಾತೃವಂದನಾ ಯೋಜನೆ, ಮಾತೃಪೂರ್ಣ ಯೋಜನೆ ಹಾಗೂ ಅಂಗನವಾಡಿ ಕೇಂದ್ರಗಳ ಮೂಲಕ ಪೌಷ್ಟಿಕ ಆಹಾರ ವಿತರಿಸಲಾಗುತ್ತಿದೆ. ಇವುಗಳ ಸದುಪಯೋಗ ಪಡೆದುಕೊಳ್ಳಬೇಕು ಎಂದರು. ಮಗುವಿನ ಆರೋಗ್ಯ ಮತ್ತು ಬೆಳವಣಿಗೆ ತಾಯಿಯ ಗರ್ಭದಿಂದಲೇ ಆರಂಭವಾಗುತ್ತದೆ. ಕಬ್ಬಿಣಾಂಶ, ಕ್ಯಾಲ್ಸಿಯಂ, ಪ್ರೊಟೀನ್ ಯುಕ್ತ ಆಹಾರ ಸೇವನೆಯಿಂದ ರಕ್ತಹೀನತೆ ತಡೆಯಬಹುದು. ಹಸಿರು ಸೊಪ್ಪು, ತರಕಾರಿ, ಹಣ್ಣು, ಮೊಳಕೆ ಕಾಳುಗಳನ್ನು ಹೆಚ್ಚಾಗಿ ಸೇವಿಸಬೇಕು ಎಂದು ಸಲಹೆ ನೀಡಿದರು. ಶ್ರೀ ಲಕ್ಷ್ಮೀ ಆಹಾರೋತ್ಪನ್ನಗಳ ಮಾರಾಟ ಮಹಿಳಾ ಸಹಕಾರ ಸಂಘದ ಅಧ್ಯಕ್ಷರು ಮಾತನಾಡಿ, ಸಂಘದ ವತಿಯಿಂದ ಅಂಗನವಾಡಿ ಕೇಂದ್ರಗಳಿಗೆ ಪೌಷ್ಟಿಕ ಆಹಾರ ಪೂರೈಕೆ ಮಾಡಲಾಗುತ್ತಿದೆ ಎಂದರು. ಈ ಸಂದರ್ಭದಲ್ಲಿ ಅಂಗನವಾಡಿ ಮೇಲ್ವಿಚಾರಕಿಯರು, ಕಾರ್ಯಕರ್ತೆಯರು, ಸಂಘದ ನಿರ್ದೇಶಕರು, ಗರ್ಭಿಣಿಯರು, ಬಾಣಂತಿಯರು ಹಾಗೂ ತಾಯಂದಿರು ಹಾಜರಿದ್ದರು.
ಗರ್ಭಿಣಿ ಮಹಿಳೆಯರು ಪೌಷ್ಟಿಕಾಂಶಯುಕ್ತ ಆಹಾರ ಸೇವನೆ ಮಾಡುವುದರಿಂದ ಹುಟ್ಟುವ ಮಗು ಆರೋಗ್ಯವಂತವಾಗಿರುತ್ತದೆ ಎಂದು ಶಿಶು ಅಭಿವೃದ್ಧಿ ಯೋಜನಾಧಿಕಾರಿ ಅಭಿಪ್ರಾಯಪಟ್ಟರು. ತಾಲ್ಲೂಕಿನ ಮೇಳೆಹಳ್ಳಿಯಲ್ಲಿ ಶ್ರೀ ಲಕ್ಷ್ಮೀ ಆಹಾರೋತ್ಪನ್ನಗಳ ಮಾರಾಟ ಮಹಿಳಾ ಸಹಕಾರ ಸಂಘದ ವತಿಯಿಂದ ಆಯೋಜಿಸಿದ್ದ ಪೌಷ್ಟಿಕ ಆಹಾರ ಸಪ್ತಾಹ ಕಾರ್ಯಕ್ರಮದಲ್ಲಿ ಅವರು ಮಾತನಾಡಿದರು. ಗರ್ಭಿಣಿ ಮಹಿಳೆಯರು ಆರೋಗ್ಯ ಕಾಪಾಡಿಕೊಳ್ಳಲು ಸರ್ಕಾರ ಹಲವು ಯೋಜನೆಗಳನ್ನು ಜಾರಿಗೆ ತಂದಿದೆ. ಮಾತೃವಂದನಾ ಯೋಜನೆ, ಮಾತೃಪೂರ್ಣ ಯೋಜನೆ ಹಾಗೂ ಅಂಗನವಾಡಿ ಕೇಂದ್ರಗಳ ಮೂಲಕ ಪೌಷ್ಟಿಕ ಆಹಾರ ವಿತರಿಸಲಾಗುತ್ತಿದೆ. ಇವುಗಳ ಸದುಪಯೋಗ ಪಡೆದುಕೊಳ್ಳಬೇಕು ಎಂದರು. ಮಗುವಿನ ಆರೋಗ್ಯ ಮತ್ತು ಬೆಳವಣಿಗೆ ತಾಯಿಯ ಗರ್ಭದಿಂದಲೇ ಆರಂಭವಾಗುತ್ತದೆ. ಕಬ್ಬಿಣಾಂಶ, ಕ್ಯಾಲ್ಸಿಯಂ, ಪ್ರೊಟೀನ್ ಯುಕ್ತ ಆಹಾರ ಸೇವನೆಯಿಂದ ರಕ್ತಹೀನತೆ ತಡೆಯಬಹುದು. ಹಸಿರು ಸೊಪ್ಪು, ತರಕಾರಿ, ಹಣ್ಣು, ಮೊಳಕೆ ಕಾಳುಗಳನ್ನು ಹೆಚ್ಚಾಗಿ ಸೇವಿಸಬೇಕು ಎಂದು ಸಲಹೆ ನೀಡಿದರು. ಶ್ರೀ ಲಕ್ಷ್ಮೀ ಆಹಾರೋತ್ಪನ್ನಗಳ ಮಾರಾಟ ಮಹಿಳಾ ಸಹಕಾರ ಸಂಘದ ಅಧ್ಯಕ್ಷರು ಮಾತನಾಡಿ, ಸಂಘದ ವತಿಯಿಂದ ಅಂಗನವಾಡಿ ಕೇಂದ್ರಗಳಿಗೆ ಪೌಷ್ಟಿಕ ಆಹಾರ ಪೂರೈಕೆ ಮಾಡಲಾಗುತ್ತಿದೆ ಎಂದರು. ಈ ಸಂದರ್ಭದಲ್ಲಿ ಅಂಗನವಾಡಿ ಮೇಲ್ವಿಚಾರಕಿಯರು, ಕಾರ್ಯಕರ್ತೆಯರು, ಸಂಘದ ನಿರ್ದೇಶಕರು, ಗರ್ಭಿಣಿಯರು, ಬಾಣಂತಿಯರು ಹಾಗೂ ತಾಯಂದಿರು ಹಾಜರಿದ್ದರು.
ಗರ್ಭಿಣಿ ಮಹಿಳೆಯರು ಪೌಷ್ಟಿಕಾಂಶಯುಕ್ತ ಆಹಾರ ಸೇವನೆ ಮಾಡುವುದರಿಂದ ಹುಟ್ಟುವ ಮಗು ಆರೋಗ್ಯವಂತವಾಗಿರುತ್ತದೆ ಎಂದು ಶಿಶು ಅಭಿವೃದ್ಧಿ ಯೋಜನಾಧಿಕಾರಿ ಅಭಿಪ್ರಾಯಪಟ್ಟರು. ತಾಲ್ಲೂಕಿನ ಮೇಳೆಹಳ್ಳಿಯಲ್ಲಿ ಶ್ರೀ ಲಕ್ಷ್ಮೀ ಆಹಾರೋತ್ಪನ್ನಗಳ ಮಾರಾಟ ಮಹಿಳಾ ಸಹಕಾರ ಸಂಘದ ವತಿಯಿಂದ ಆಯೋಜಿಸಿದ್ದ ಪೌಷ್ಟಿಕ ಆಹಾರ ಸಪ್ತಾಹ ಕಾರ್ಯಕ್ರಮದಲ್ಲಿ ಅವರು ಮಾತನಾಡಿದರು. ಗರ್ಭಿಣಿ ಮಹಿಳೆಯರು ಆರೋಗ್ಯ ಕಾಪಾಡಿಕೊಳ್ಳಲು ಸರ್ಕಾರ ಹಲವು ಯೋಜನೆಗಳನ್ನು ಜಾರಿಗೆ ತಂದಿದೆ. ಮಾತೃವಂದನಾ ಯೋಜನೆ, ಮಾತೃಪೂರ್ಣ ಯೋಜನೆ ಹಾಗೂ ಅಂಗನವಾಡಿ ಕೇಂದ್ರಗಳ ಮೂಲಕ ಪೌಷ್ಟಿಕ ಆಹಾರ ವಿತರಿಸಲಾಗುತ್ತಿದೆ. ಇವುಗಳ ಸದುಪಯೋಗ ಪಡೆದುಕೊಳ್ಳಬೇಕು ಎಂದರು. ಮಗುವಿನ ಆರೋಗ್ಯ ಮತ್ತು ಬೆಳವಣಿಗೆ ತಾಯಿಯ ಗರ್ಭದಿಂದಲೇ ಆರಂಭವಾಗುತ್ತದೆ. ಕಬ್ಬಿಣಾಂಶ, ಕ್ಯಾಲ್ಸಿಯಂ, ಪ್ರೊಟೀನ್ ಯುಕ್ತ ಆಹಾರ ಸೇವನೆಯಿಂದ ರಕ್ತಹೀನತೆ ತಡೆಯಬಹುದು. ಹಸಿರು ಸೊಪ್ಪು, ತರಕಾರಿ, ಹಣ್ಣು, ಮೊಳಕೆ ಕಾಳುಗಳನ್ನು ಹೆಚ್ಚಾಗಿ ಸೇವಿಸಬೇಕು ಎಂದು ಸಲಹೆ ನೀಡಿದರು. ಶ್ರೀ ಲಕ್ಷ್ಮೀ ಆಹಾರೋತ್ಪನ್ನಗಳ ಮಾರಾಟ ಮಹಿಳಾ ಸಹಕಾರ ಸಂಘದ ಅಧ್ಯಕ್ಷರು ಮಾತನಾಡಿ, ಸಂಘದ ವತಿಯಿಂದ ಅಂಗನವಾಡಿ ಕೇಂದ್ರಗಳಿಗೆ ಪೌಷ್ಟಿಕ ಆಹಾರ ಪೂರೈಕೆ ಮಾಡಲಾಗುತ್ತಿದೆ ಎಂದರು. ಈ ಸಂದರ್ಭದಲ್ಲಿ ಅಂಗನವಾಡಿ ಮೇಲ್ವಿಚಾರಕಿಯರು, ಕಾರ್ಯಕರ್ತೆಯರು, ಸಂಘದ ನಿರ್ದೇಶಕರು, ಗರ್ಭಿಣಿಯರು, ಬಾಣಂತಿಯರು ಹಾಗೂ ತಾಯಂದಿರು ಹಾಜರಿದ್ದರು.
ಗ್ರಾಮೀಣ ಜನರ ಅಭ್ಯುದಯಕ್ಕಾಗಿ ಮೂಲಸೌಕರ್ಯ ಕಲ್ಪಿಸಲು ಬದ್ಧ: ಕೆಎನ್‌ಆರ್
ಮಧುಗಿರಿ, ಮಾ. 7–
ಗ್ರಾಮೀಣ ಭಾಗದ ಜನರ ಅಭ್ಯುದಯಕ್ಕಾಗಿ ಮೂಲಭೂತ ಸೌಕರ್ಯಗಳನ್ನು ಕಲ್ಪಿಸಲು ಬದ್ಧ ಎಂದು ಮಾಜಿ ಸಚಿವ ಹಾಗೂ ಶಾಸಕ ಕೆ.ಎನ್. ರಾಜಣ್ಣ ಹೇಳಿದರು. ತಾಲ್ಲೂಕಿನ ಮಿಡಿಗೇಶಿ ಹೋಬಳಿಯಲ್ಲಿ ಸುಮಾರು 18 ಕೋಟಿ ರೂ. ವೆಚ್ಚದಲ್ಲಿ ವಿವಿಧ ಅಭಿವೃದ್ಧಿ ಕಾಮಗಾರಿಗಳಿಗೆ ಗುದ್ದಲಿ ಪೂಜೆ ನೆರವೇರಿಸಿ ಅವರು ಮಾತನಾಡಿದರು. ವಿವಿಧ ಗ್ರಾಮಗಳಲ್ಲಿ 11.10 ಕೋಟಿ ರೂ. ವೆಚ್ಚದಲ್ಲಿ ರಸ್ತೆ ಅಭಿವೃದ್ಧಿ ಕಾಮಗಾರಿಗೆ ಗುದ್ದಲಿ ಪೂಜೆ ನೆರವೇರಿಸಿದ್ದು, ಸಿದ್ದಾಪುರ ರಸ್ತೆಯಿಂದ ನೇರಳೇಕೆರೆ ಬಾರ್ಡರ್‌ವರೆಗೆ ರಸ್ತೆ ಕಾಮಗಾರಿ ಕೈಗೊಳ್ಳಲಾಗುವುದು. ಈ ಹಿಂದೆ ಈ ರಸ್ತೆ ಸಂಚಾರಕ್ಕೆ ಪರದಾಡುವಂತಿತ್ತು. ಗ್ರಾಮೀಣ ಭಾಗದ ಜನತೆಯ ಅನುಕೂಲಕ್ಕಾಗಿ ಹಂತ ಹಂತವಾಗಿ ಎಲ್ಲಾ ಗ್ರಾಮಗಳಿಗೂ ರಸ್ತೆ, ಕುಡಿಯುವ ನೀರು, ಚರಂಡಿ ವ್ಯವಸ್ಥೆ ಕಲ್ಪಿಸಲಾಗುವುದು. ಗ್ರಾಮೀಣ ಭಾಗದ ಮಕ್ಕಳ ಶಿಕ್ಷಣಕ್ಕೂ ಹೆಚ್ಚಿನ ಆದ್ಯತೆ ನೀಡಲಾಗುತ್ತಿದೆ. ಮಧುಗಿರಿಯನ್ನು ಜಿಲ್ಲಾ ಕೇಂದ್ರವನ್ನಾಗಿಸಲು ಶ್ರಮಿಸುತ್ತಿರುವುದಾಗಿ ತಿಳಿಸಿದರು. ಈಗಾಗಲೇ ತಾಲ್ಲೂಕಿನಲ್ಲಿ ಕೈಗಾರಿಕಾ ಪ್ರದೇಶ ಸ್ಥಾಪನೆಗೆ ಕ್ರಮ ಕೈಗೊಳ್ಳಲಾಗಿದ್ದು, ಸ್ಥಳೀಯ ಯುವಕರಿಗೆ ಉದ್ಯೋಗಾವಕಾಶ ದೊರೆಯಲಿದೆ ಎಂದರು. ಕಾರ್ಯಕ್ರಮದಲ್ಲಿ ಗ್ರಾಮ ಪಂಚಾಯಿತಿ ಅಧ್ಯಕ್ಷರು, ಸದಸ್ಯರು, ತಾಲ್ಲೂಕು ಮಟ್ಟದ ಅಧಿಕಾರಿಗಳು, ಮುಖಂಡರು ಹಾಗೂ ಗ್ರಾಮಸ್ಥರು ಉಪಸ್ಥಿತರಿದ್ದರು.
ಗ್ರಾಮೀಣ ಭಾಗದ ಜನರ ಅಭ್ಯುದಯಕ್ಕಾಗಿ ಮೂಲಭೂತ ಸೌಕರ್ಯಗಳನ್ನು ಕಲ್ಪಿಸಲು ಬದ್ಧ ಎಂದು ಮಾಜಿ ಸಚಿವ ಹಾಗೂ ಶಾಸಕ ಕೆ.ಎನ್. ರಾಜಣ್ಣ ಹೇಳಿದರು. ತಾಲ್ಲೂಕಿನ ಮಿಡಿಗೇಶಿ ಹೋಬಳಿಯಲ್ಲಿ ಸುಮಾರು 18 ಕೋಟಿ ರೂ. ವೆಚ್ಚದಲ್ಲಿ ವಿವಿಧ ಅಭಿವೃದ್ಧಿ ಕಾಮಗಾರಿಗಳಿಗೆ ಗುದ್ದಲಿ ಪೂಜೆ ನೆರವೇರಿಸಿ ಅವರು ಮಾತನಾಡಿದರು. ವಿವಿಧ ಗ್ರಾಮಗಳಲ್ಲಿ 11.10 ಕೋಟಿ ರೂ. ವೆಚ್ಚದಲ್ಲಿ ರಸ್ತೆ ಅಭಿವೃದ್ಧಿ ಕಾಮಗಾರಿಗೆ ಗುದ್ದಲಿ ಪೂಜೆ ನೆರವೇರಿಸಿದ್ದು, ಸಿದ್ದಾಪುರ ರಸ್ತೆಯಿಂದ ನೇರಳೇಕೆರೆ ಬಾರ್ಡರ್‌ವರೆಗೆ ರಸ್ತೆ ಕಾಮಗಾರಿ ಕೈಗೊಳ್ಳಲಾಗುವುದು. ಈ ಹಿಂದೆ ಈ ರಸ್ತೆ ಸಂಚಾರಕ್ಕೆ ಪರದಾಡುವಂತಿತ್ತು. ಗ್ರಾಮೀಣ ಭಾಗದ ಜನತೆಯ ಅನುಕೂಲಕ್ಕಾಗಿ ಹಂತ ಹಂತವಾಗಿ ಎಲ್ಲಾ ಗ್ರಾಮಗಳಿಗೂ ರಸ್ತೆ, ಕುಡಿಯುವ ನೀರು, ಚರಂಡಿ ವ್ಯವಸ್ಥೆ ಕಲ್ಪಿಸಲಾಗುವುದು. ಗ್ರಾಮೀಣ ಭಾಗದ ಮಕ್ಕಳ ಶಿಕ್ಷಣಕ್ಕೂ ಹೆಚ್ಚಿನ ಆದ್ಯತೆ ನೀಡಲಾಗುತ್ತಿದೆ. ಮಧುಗಿರಿಯನ್ನು ಜಿಲ್ಲಾ ಕೇಂದ್ರವನ್ನಾಗಿಸಲು ಶ್ರಮಿಸುತ್ತಿರುವುದಾಗಿ ತಿಳಿಸಿದರು. ಈಗಾಗಲೇ ತಾಲ್ಲೂಕಿನಲ್ಲಿ ಕೈಗಾರಿಕಾ ಪ್ರದೇಶ ಸ್ಥಾಪನೆಗೆ ಕ್ರಮ ಕೈಗೊಳ್ಳಲಾಗಿದ್ದು, ಸ್ಥಳೀಯ ಯುವಕರಿಗೆ ಉದ್ಯೋಗಾವಕಾಶ ದೊರೆಯಲಿದೆ ಎಂದರು. ಕಾರ್ಯಕ್ರಮದಲ್ಲಿ ಗ್ರಾಮ ಪಂಚಾಯಿತಿ ಅಧ್ಯಕ್ಷರು, ಸದಸ್ಯರು,
ತಾಲ್ಲೂಕು ಮಟ್ಟದ ಅಧಿಕಾರಿಗಳು, ಮುಖಂಡರು ಹಾಗೂ ಗ್ರಾಮಸ್ಥರು ಉಪಸ್ಥಿತರಿದ್ದರು.
ಗ್ರಾಮೀಣ ಭಾಗದ ಜನರ ಅಭ್ಯುದಯಕ್ಕಾಗಿ ಮೂಲಭೂತ ಸೌಕರ್ಯಗಳನ್ನು ಕಲ್ಪಿಸಲು ಬದ್ಧ ಎಂದು ಮಾಜಿ ಸಚಿವ ಹಾಗೂ ಶಾಸಕ ಕೆ.ಎನ್. ರಾಜಣ್ಣ ಹೇಳಿದರು. ತಾಲ್ಲೂಕಿನ ಮಿಡಿಗೇಶಿ ಹೋಬಳಿಯಲ್ಲಿ ಸುಮಾರು 18 ಕೋಟಿ ರೂ. ವೆಚ್ಚದಲ್ಲಿ ವಿವಿಧ ಅಭಿವೃದ್ಧಿ ಕಾಮಗಾರಿಗಳಿಗೆ ಗುದ್ದಲಿ ಪೂಜೆ ನೆರವೇರಿಸಿ ಅವರು ಮಾತನಾಡಿದರು. ವಿವಿಧ ಗ್ರಾಮಗಳಲ್ಲಿ 11.10 ಕೋಟಿ ರೂ. ವೆಚ್ಚದಲ್ಲಿ ರಸ್ತೆ ಅಭಿವೃದ್ಧಿ ಕಾಮಗಾರಿಗೆ ಗುದ್ದಲಿ ಪೂಜೆ ನೆರವೇರಿಸಿದ್ದು, ಸಿದ್ದಾಪುರ ರಸ್ತೆಯಿಂದ ನೇರಳೇಕೆರೆ ಬಾರ್ಡರ್‌ವರೆಗೆ ರಸ್ತೆ ಕಾಮಗಾರಿ ಕೈಗೊಳ್ಳಲಾಗುವುದು. ಈ ಹಿಂದೆ ಈ ರಸ್ತೆ ಸಂಚಾರಕ್ಕೆ ಪರದಾಡುವಂತಿತ್ತು. ಗ್ರಾಮೀಣ ಭಾಗದ ಜನತೆಯ ಅನುಕೂಲಕ್ಕಾಗಿ ಹಂತ ಹಂತವಾಗಿ ಎಲ್ಲಾ ಗ್ರಾಮಗಳಿಗೂ ರಸ್ತೆ, ಕುಡಿಯುವ ನೀರು, ಚರಂಡಿ ವ್ಯವಸ್ಥೆ ಕಲ್ಪಿಸಲಾಗುವುದು. ಗ್ರಾಮೀಣ ಭಾಗದ ಮಕ್ಕಳ ಶಿಕ್ಷಣಕ್ಕೂ ಹೆಚ್ಚಿನ ಆದ್ಯತೆ ನೀಡಲಾಗುತ್ತಿದೆ. ಮಧುಗಿರಿಯನ್ನು ಜಿಲ್ಲಾ ಕೇಂದ್ರವನ್ನಾಗಿಸಲು ಶ್ರಮಿಸುತ್ತಿರುವುದಾಗಿ ತಿಳಿಸಿದರು. ಈಗಾಗಲೇ ತಾಲ್ಲೂಕಿನಲ್ಲಿ ಕೈಗಾರಿಕಾ ಪ್ರದೇಶ ಸ್ಥಾಪನೆಗೆ ಕ್ರಮ ಕೈಗೊಳ್ಳಲಾಗಿದ್ದು, ಸ್ಥಳೀಯ ಯುವಕರಿಗೆ ಉದ್ಯೋಗಾವಕಾಶ ದೊರೆಯಲಿದೆ ಎಂದರು. ಕಾರ್ಯಕ್ರಮದಲ್ಲಿ ಗ್ರಾಮ ಪಂಚಾಯಿತಿ ಅಧ್ಯಕ್ಷರು, ಸದಸ್ಯರು, ತಾಲ್ಲೂಕು ಮಟ್ಟದ ಅಧಿಕಾರಿಗಳು, ಮುಖಂಡರು ಹಾಗೂ ಗ್ರಾಮಸ್ಥರು ಉಪಸ್ಥಿತರಿದ್ದರು.
